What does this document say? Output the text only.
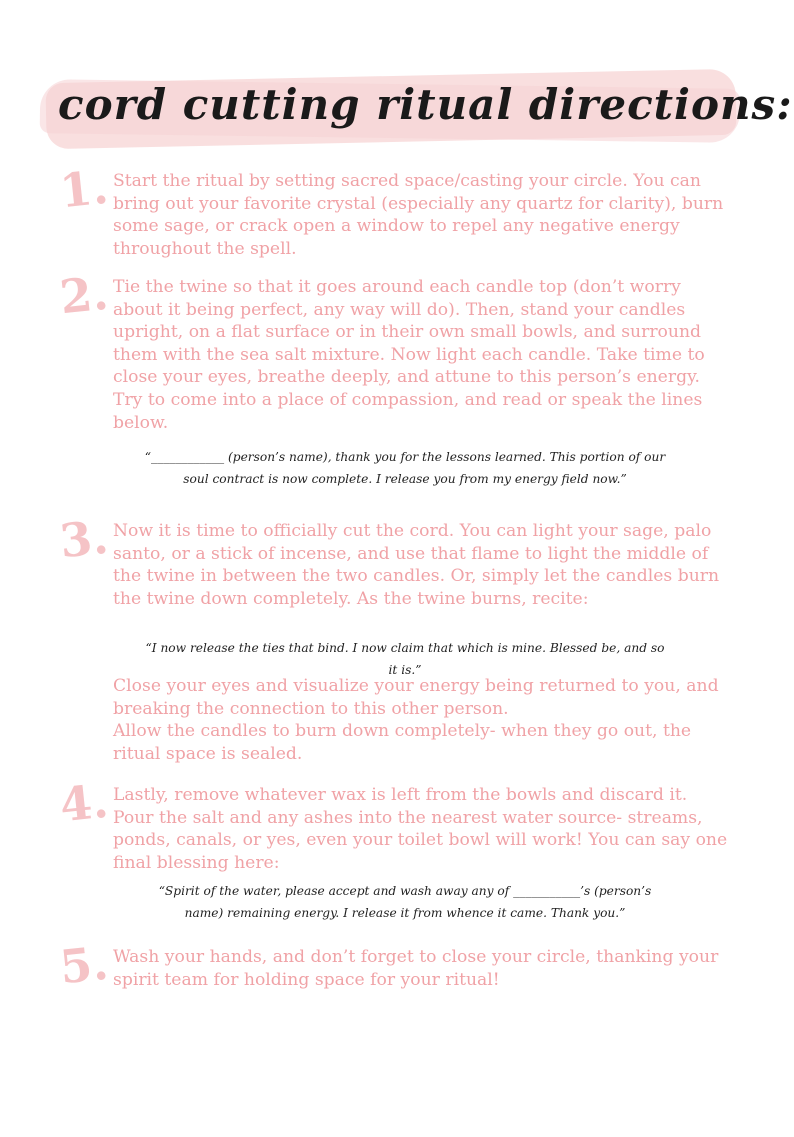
cord cutting ritual directions:
1. Start the ritual by setting sacred space/casting your circle. You can bring out your favorite crystal (especially any quartz for clarity), burn some sage, or crack open a window to repel any negative energy throughout the spell.

2. Tie the twine so that it goes around each candle top (don’t worry about it being perfect, any way will do). Then, stand your candles upright, on a flat surface or in their own small bowls, and surround them with the sea salt mixture. Now light each candle. Take time to close your eyes, breathe deeply, and attune to this person’s energy. Try to come into a place of compassion, and read or speak the lines below.

“____________ (person’s name), thank you for the lessons learned. This portion of our soul contract is now complete. I release you from my energy field now.”

3. Now it is time to officially cut the cord. You can light your sage, palo santo, or a stick of incense, and use that flame to light the middle of the twine in between the two candles. Or, simply let the candles burn the twine down completely. As the twine burns, recite:

“I now release the ties that bind. I now claim that which is mine. Blessed be, and so it is.”

Close your eyes and visualize your energy being returned to you, and breaking the connection to this other person.

Allow the candles to burn down completely- when they go out, the ritual space is sealed.

4. Lastly, remove whatever wax is left from the bowls and discard it. Pour the salt and any ashes into the nearest water source- streams, ponds, canals, or yes, even your toilet bowl will work! You can say one final blessing here:

“Spirit of the water, please accept and wash away any of ___________’s (person’s name) remaining energy. I release it from whence it came. Thank you.”

5. Wash your hands, and don’t forget to close your circle, thanking your spirit team for holding space for your ritual!
